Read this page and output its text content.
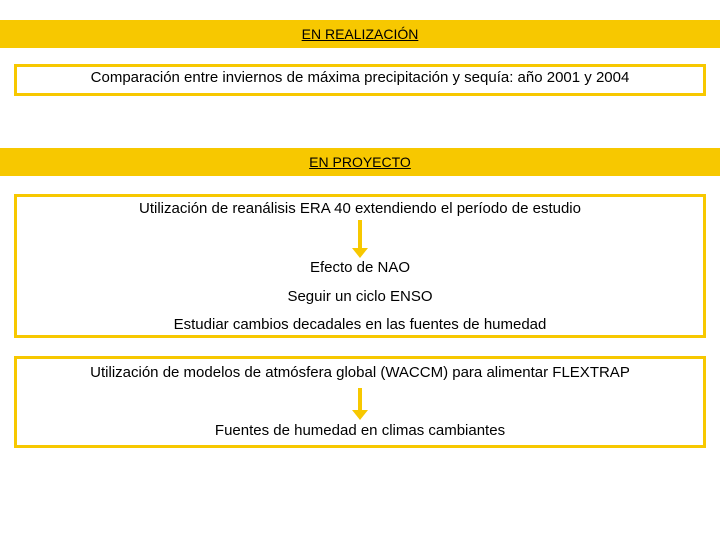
EN REALIZACIÓN
Comparación entre inviernos de máxima precipitación y sequía: año 2001 y 2004
EN PROYECTO
Utilización de reanálisis ERA 40 extendiendo el período de estudio
Efecto de NAO
Seguir un ciclo ENSO
Estudiar cambios decadales en las fuentes de humedad
Utilización de modelos de atmósfera global (WACCM) para alimentar FLEXTRAP
Fuentes de humedad en climas cambiantes
